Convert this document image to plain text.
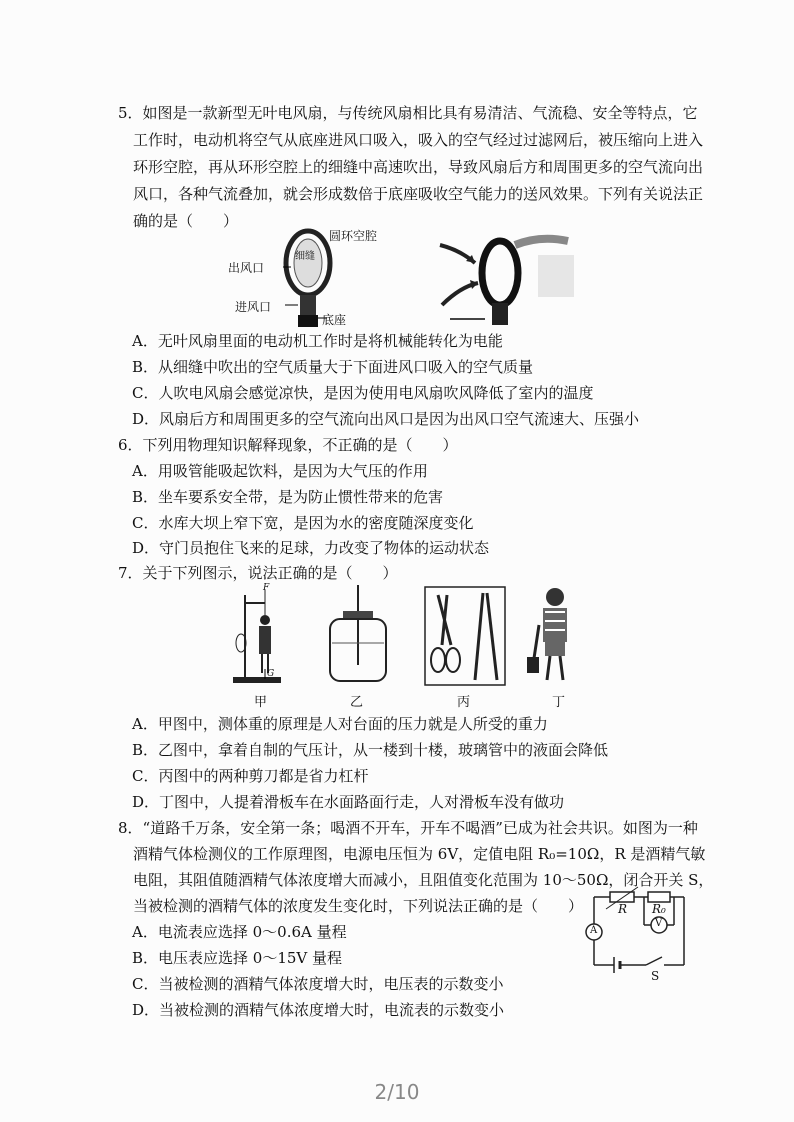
5．如图是一款新型无叶电风扇，与传统风扇相比具有易清洁、气流稳、安全等特点，它
工作时，电动机将空气从底座进风口吸入，吸入的空气经过过滤网后，被压缩向上进入
环形空腔，再从环形空腔上的细缝中高速吹出，导致风扇后方和周围更多的空气流向出
风口，各种气流叠加，就会形成数倍于底座吸收空气能力的送风效果。下列有关说法正
确的是（　　）
圆环空腔
细缝
出风口
进风口
底座
A．无叶风扇里面的电动机工作时是将机械能转化为电能
B．从细缝中吹出的空气质量大于下面进风口吸入的空气质量
C．人吹电风扇会感觉凉快，是因为使用电风扇吹风降低了室内的温度
D．风扇后方和周围更多的空气流向出风口是因为出风口空气流速大、压强小
6．下列用物理知识解释现象，不正确的是（　　）
A．用吸管能吸起饮料，是因为大气压的作用
B．坐车要系安全带，是为防止惯性带来的危害
C．水库大坝上窄下宽，是因为水的密度随深度变化
D．守门员抱住飞来的足球，力改变了物体的运动状态
7．关于下列图示，说法正确的是（　　）
F
G
甲	乙	丙	丁
A．甲图中，测体重的原理是人对台面的压力就是人所受的重力
B．乙图中，拿着自制的气压计，从一楼到十楼，玻璃管中的液面会降低
C．丙图中的两种剪刀都是省力杠杆
D．丁图中，人提着滑板车在水面路面行走，人对滑板车没有做功
8．“道路千万条，安全第一条；喝酒不开车，开车不喝酒”已成为社会共识。如图为一种
酒精气体检测仪的工作原理图，电源电压恒为 6V，定值电阻 R₀=10Ω，R 是酒精气敏
电阻，其阻值随酒精气体浓度增大而减小，且阻值变化范围为 10～50Ω，闭合开关 S，
当被检测的酒精气体的浓度发生变化时，下列说法正确的是（　　）	R R₀
A
V
S
A．电流表应选择 0～0.6A 量程
B．电压表应选择 0～15V 量程
C．当被检测的酒精气体浓度增大时，电压表的示数变小
D．当被检测的酒精气体浓度增大时，电流表的示数变小
2/10
